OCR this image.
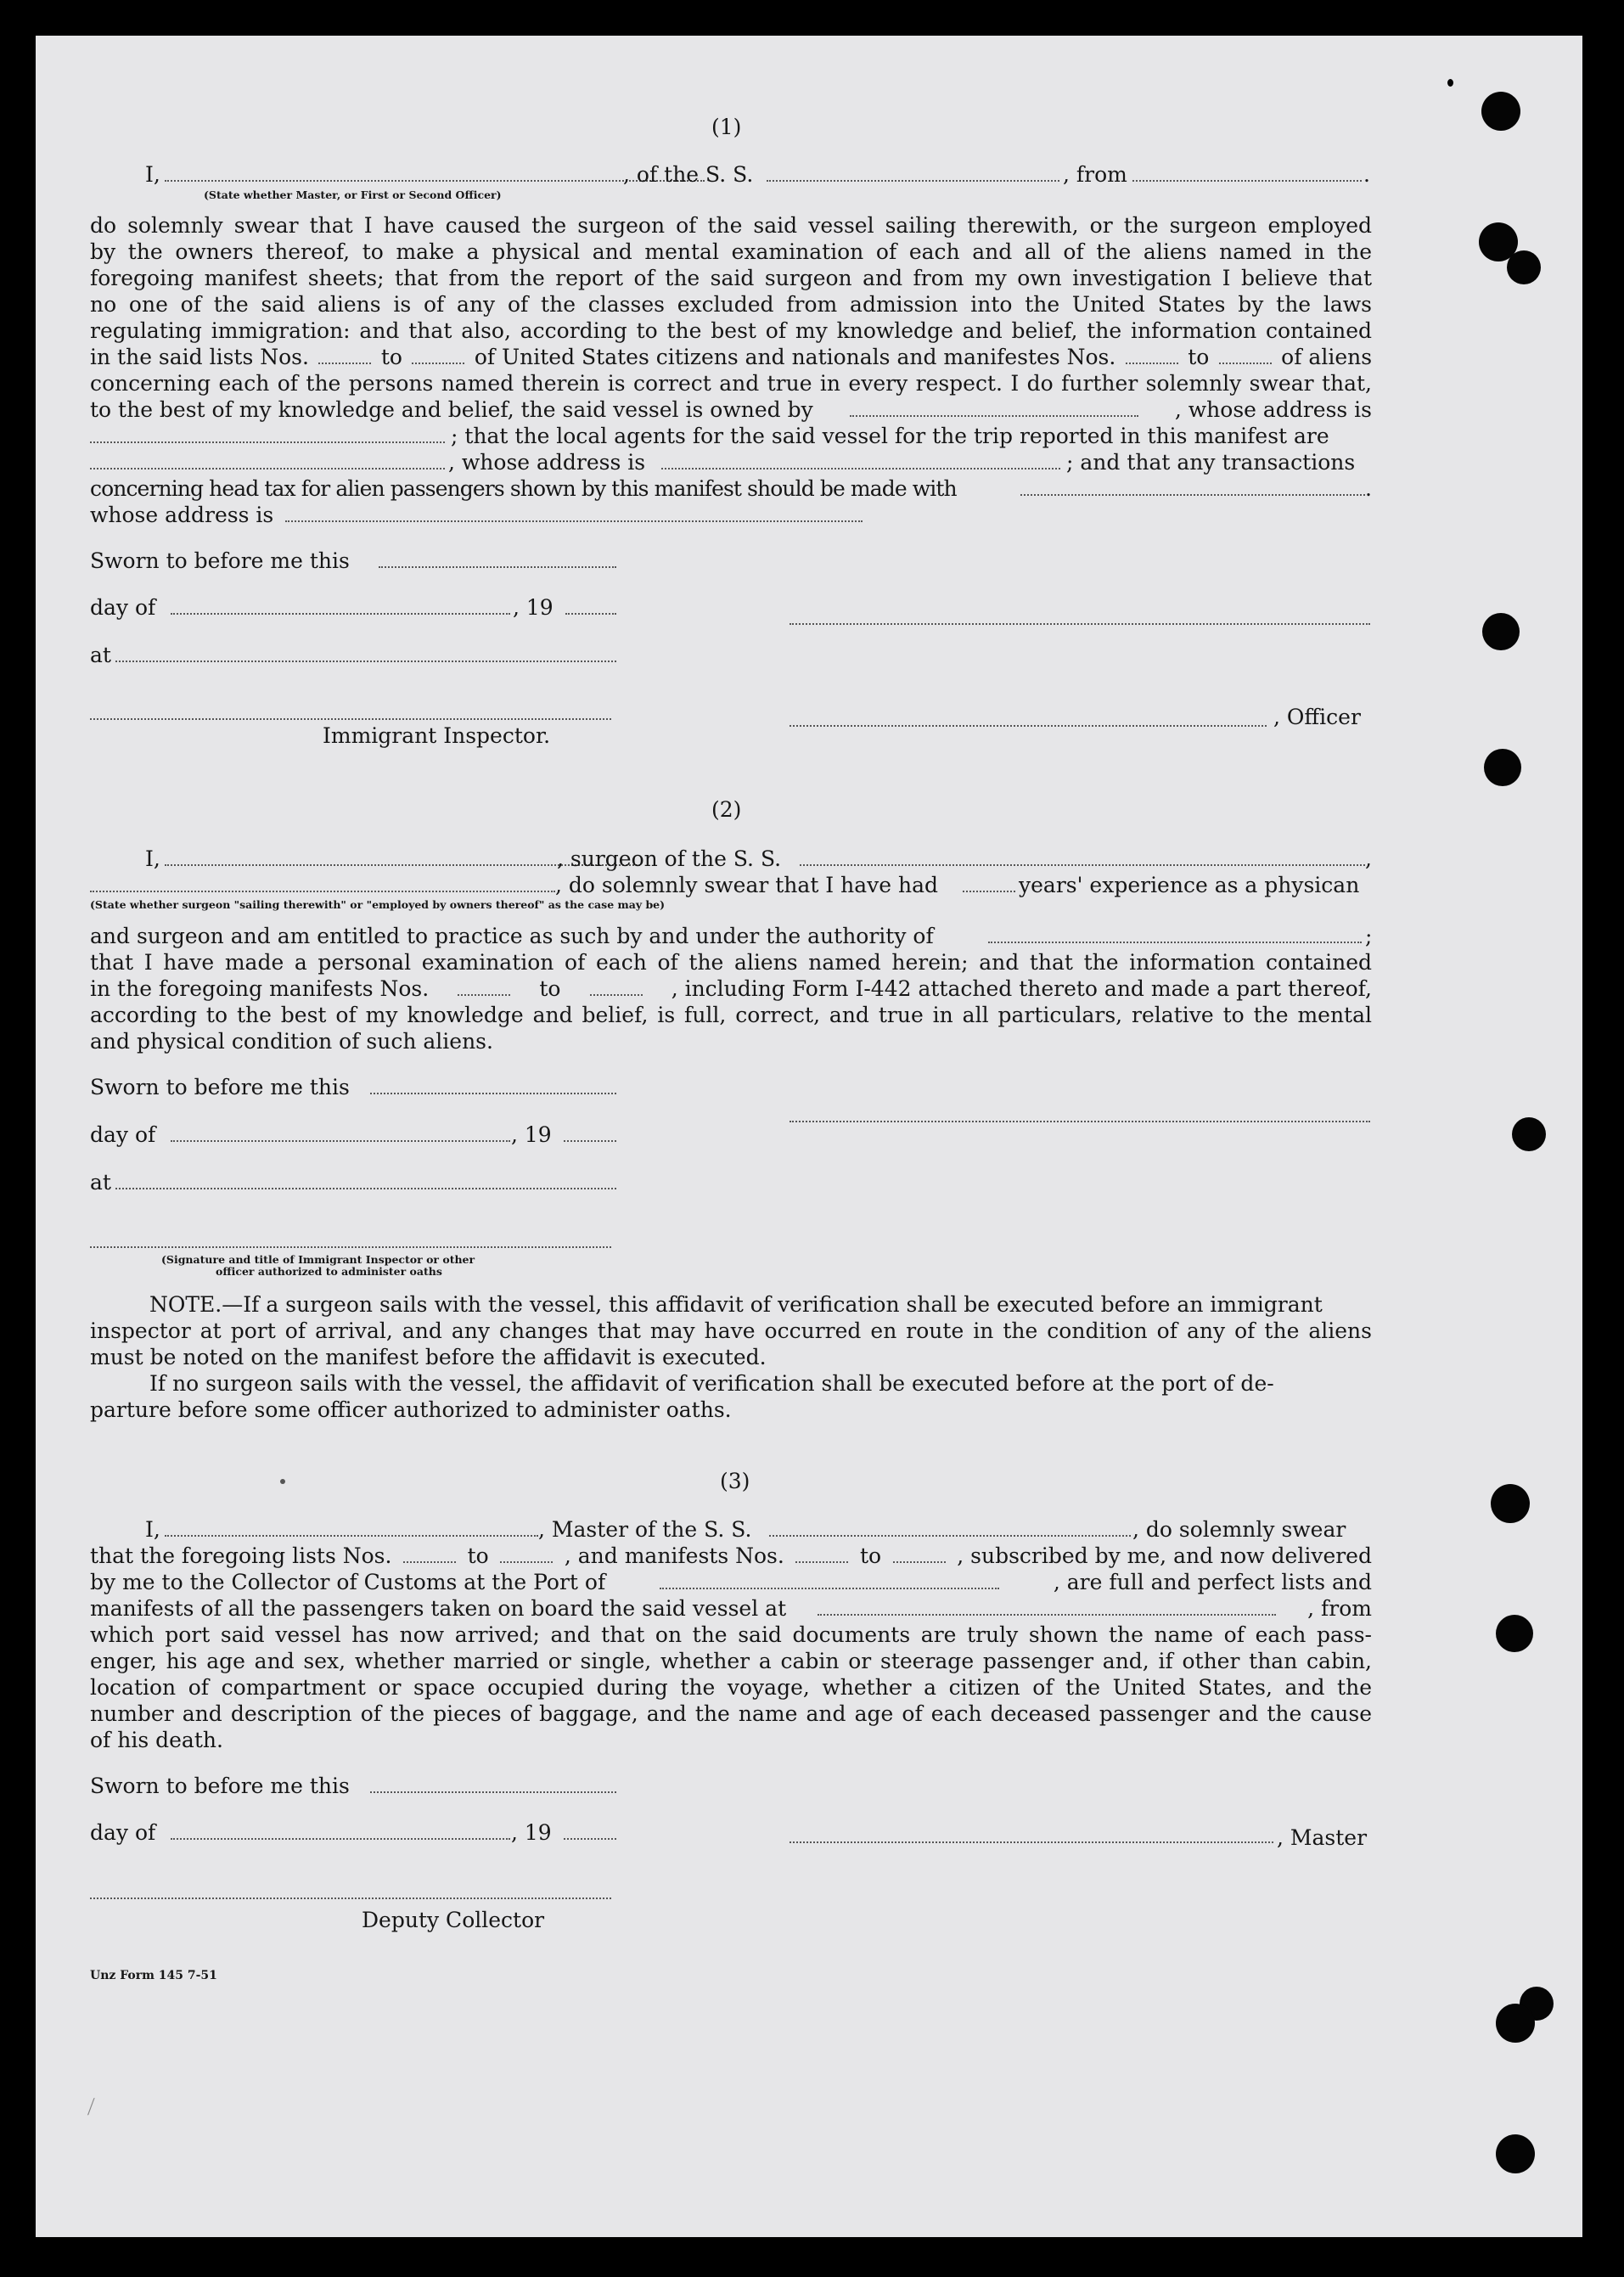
(1)
I,	, of the S. S.	, from	.
(State whether Master, or First or Second Officer)
do solemnly swear that I have caused the surgeon of the said vessel sailing therewith, or the surgeon employed
by the owners thereof, to make a physical and mental examination of each and all of the aliens named in the
foregoing manifest sheets; that from the report of the said surgeon and from my own investigation I believe that
no one of the said aliens is of any of the classes excluded from admission into the United States by the laws
regulating immigration: and that also, according to the best of my knowledge and belief, the information contained
in the said lists Nos.	to	of United States citizens and nationals and manifestes Nos.	to	of aliens
concerning each of the persons named therein is correct and true in every respect. I do further solemnly swear that,
to the best of my knowledge and belief, the said vessel is owned by	, whose address is
; that the local agents for the said vessel for the trip reported in this manifest are
, whose address is	; and that any transactions
concerning head tax for alien passengers shown by this manifest should be made with	.
whose address is
Sworn to before me this
day of	, 19
at
, Officer
Immigrant Inspector.
(2)
I,	, surgeon of the S. S.	,
, do solemnly swear that I have had	years' experience as a physican
(State whether surgeon "sailing therewith" or "employed by owners thereof" as the case may be)
and surgeon and am entitled to practice as such by and under the authority of	;
that I have made a personal examination of each of the aliens named herein; and that the information contained
in the foregoing manifests Nos.	to	, including Form I-442 attached thereto and made a part thereof,
according to the best of my knowledge and belief, is full, correct, and true in all particulars, relative to the mental
and physical condition of such aliens.
Sworn to before me this
day of	, 19
at
(Signature and title of Immigrant Inspector or other
officer authorized to administer oaths
NOTE.—If a surgeon sails with the vessel, this affidavit of verification shall be executed before an immigrant
inspector at port of arrival, and any changes that may have occurred en route in the condition of any of the aliens
must be noted on the manifest before the affidavit is executed.
If no surgeon sails with the vessel, the affidavit of verification shall be executed before at the port of de-
parture before some officer authorized to administer oaths.
(3)
I,	, Master of the S. S.	, do solemnly swear
that the foregoing lists Nos.	to	, and manifests Nos.	to	, subscribed by me, and now delivered
by me to the Collector of Customs at the Port of	, are full and perfect lists and
manifests of all the passengers taken on board the said vessel at	, from
which port said vessel has now arrived; and that on the said documents are truly shown the name of each pass-
enger, his age and sex, whether married or single, whether a cabin or steerage passenger and, if other than cabin,
location of compartment or space occupied during the voyage, whether a citizen of the United States, and the
number and description of the pieces of baggage, and the name and age of each deceased passenger and the cause
of his death.
Sworn to before me this
day of	, 19	, Master
Deputy Collector
Unz Form 145 7-51
⟋
